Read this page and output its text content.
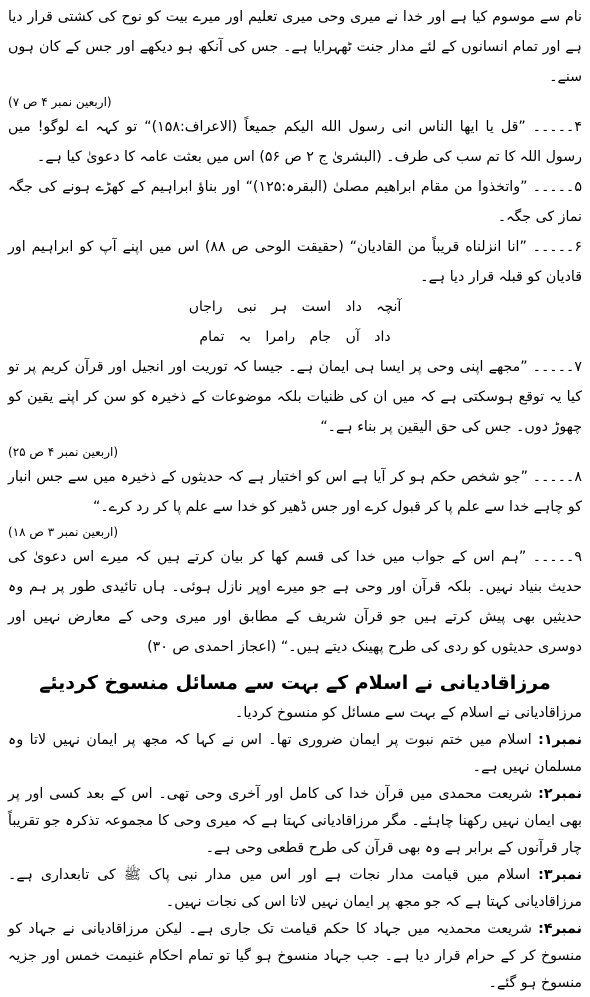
نام سے موسوم کیا ہے اور خدا نے میری وحی میری تعلیم اور میرے بیت کو نوح کی کشتی قرار دیا ہے اور تمام انسانوں کے لئے مدار جنت ٹھہرایا ہے۔ جس کی آنکھ ہو دیکھے اور جس کے کان ہوں سنے۔
(اربعین نمبر ۴ ص ۷)
۴۔۔۔۔۔ ”قل یا ایها الناس انی رسول الله الیکم جمیعاً (الاعراف:۱۵۸)“ تو کہہ اے لوگو! میں رسول اللہ کا تم سب کی طرف۔ (البشریٰ ج ۲ ص ۵۶) اس میں بعثت عامہ کا دعویٰ کیا ہے۔
۵۔۔۔۔۔ ”واتخذوا من مقام ابراهیم مصلیٰ (البقرہ:۱۲۵)“ اور بناؤ ابراہیم کے کھڑے ہونے کی جگہ نماز کی جگہ۔
۶۔۔۔۔۔ ”انا انزلناه قریباً من القادیان“ (حقیقت الوحی ص ۸۸) اس میں اپنے آپ کو ابراہیم اور قادیان کو قبلہ قرار دیا ہے۔
آنچہ داد است ہر نبی راجاں
داد آں جام رامرا بہ تمام
۷۔۔۔۔۔ ”مجھے اپنی وحی پر ایسا ہی ایمان ہے۔ جیسا کہ توریت اور انجیل اور قرآن کریم پر تو کیا یہ توقع ہوسکتی ہے کہ میں ان کی ظنیات بلکہ موضوعات کے ذخیرہ کو سن کر اپنے یقین کو چھوڑ دوں۔ جس کی حق الیقین پر بناء ہے۔“
(اربعین نمبر ۴ ص ۲۵)
۸۔۔۔۔۔ ”جو شخص حکم ہو کر آیا ہے اس کو اختیار ہے کہ حدیثوں کے ذخیرہ میں سے جس انبار کو چاہے خدا سے علم پا کر قبول کرے اور جس ڈھیر کو خدا سے علم پا کر رد کرے۔“
(اربعین نمبر ۳ ص ۱۸)
۹۔۔۔۔۔ ”ہم اس کے جواب میں خدا کی قسم کھا کر بیان کرتے ہیں کہ میرے اس دعویٰ کی حدیث بنیاد نہیں۔ بلکہ قرآن اور وحی ہے جو میرے اوپر نازل ہوئی۔ ہاں تائیدی طور پر ہم وہ حدیثیں بھی پیش کرتے ہیں جو قرآن شریف کے مطابق اور میری وحی کے معارض نہیں اور دوسری حدیثوں کو ردی کی طرح پھینک دیتے ہیں۔“ (اعجاز احمدی ص ۳۰)
مرزاقادیانی نے اسلام کے بہت سے مسائل منسوخ کردیئے
مرزاقادیانی نے اسلام کے بہت سے مسائل کو منسوخ کردیا۔
نمبر۱: اسلام میں ختم نبوت پر ایمان ضروری تھا۔ اس نے کہا کہ مجھ پر ایمان نہیں لاتا وہ مسلمان نہیں ہے۔
نمبر۲: شریعت محمدی میں قرآن خدا کی کامل اور آخری وحی تھی۔ اس کے بعد کسی اور پر بھی ایمان نہیں رکھنا چاہئے۔ مگر مرزاقادیانی کہتا ہے کہ میری وحی کا مجموعہ تذکرہ جو تقریباً چار قرآنوں کے برابر ہے وہ بھی قرآن کی طرح قطعی وحی ہے۔
نمبر۳: اسلام میں قیامت مدار نجات ہے اور اس میں مدار نبی پاک ﷺ کی تابعداری ہے۔ مرزاقادیانی کہتا ہے کہ جو مجھ پر ایمان نہیں لاتا اس کی نجات نہیں۔
نمبر۴: شریعت محمدیہ میں جہاد کا حکم قیامت تک جاری ہے۔ لیکن مرزاقادیانی نے جہاد کو منسوخ کر کے حرام قرار دیا ہے۔ جب جہاد منسوخ ہو گیا تو تمام احکام غنیمت خمس اور جزیہ منسوخ ہو گئے۔
